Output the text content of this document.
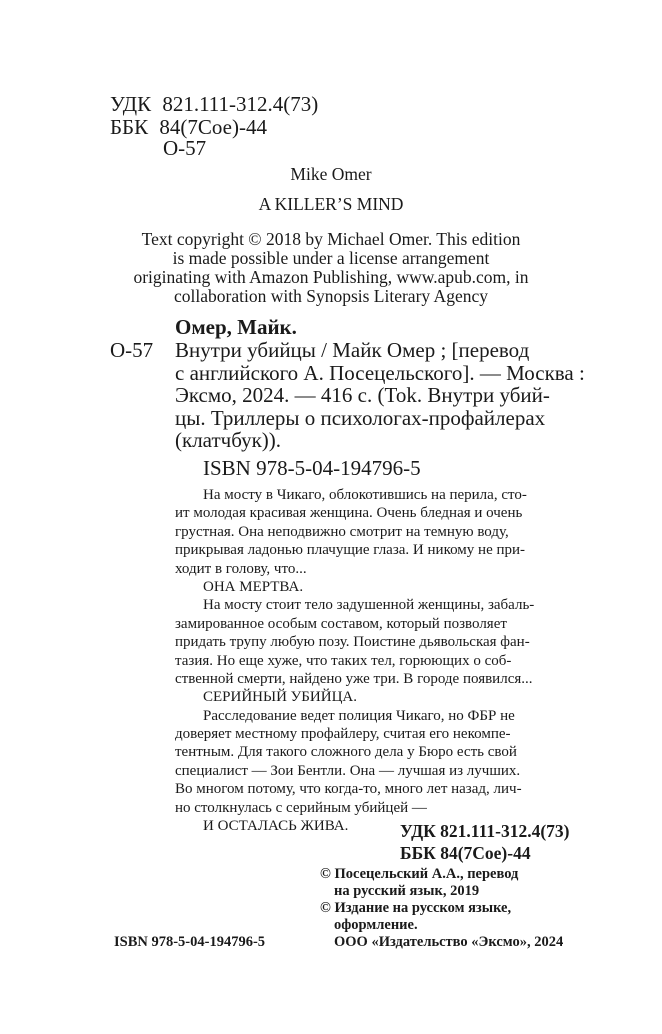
УДК 821.111-312.4(73)
ББК 84(7Сое)-44
О-57
Mike Omer
A KILLER’S MIND
Text copyright © 2018 by Michael Omer. This edition
is made possible under a license arrangement
originating with Amazon Publishing, www.apub.com, in
collaboration with Synopsis Literary Agency
Омер, Майк.
О-57 Внутри убийцы / Майк Омер ; [перевод
с английского А. Посецельского]. — Москва :
Эксмо, 2024. — 416 с. (Tok. Внутри убий-
цы. Триллеры о психологах-профайлерах
(клатчбук)).
ISBN 978-5-04-194796-5
На мосту в Чикаго, облокотившись на перила, сто-
ит молодая красивая женщина. Очень бледная и очень
грустная. Она неподвижно смотрит на темную воду,
прикрывая ладонью плачущие глаза. И никому не при-
ходит в голову, что...
ОНА МЕРТВА.
На мосту стоит тело задушенной женщины, забаль-
замированное особым составом, который позволяет
придать трупу любую позу. Поистине дьявольская фан-
тазия. Но еще хуже, что таких тел, горюющих о соб-
ственной смерти, найдено уже три. В городе появился...
СЕРИЙНЫЙ УБИЙЦА.
Расследование ведет полиция Чикаго, но ФБР не
доверяет местному профайлеру, считая его некомпе-
тентным. Для такого сложного дела у Бюро есть свой
специалист — Зои Бентли. Она — лучшая из лучших.
Во многом потому, что когда-то, много лет назад, лич-
но столкнулась с серийным убийцей —
И ОСТАЛАСЬ ЖИВА.	УДК 821.111-312.4(73)
ББК 84(7Сое)-44
© Посецельский А.А., перевод
на русский язык, 2019
© Издание на русском языке,
оформление.
ООО «Издательство «Эксмо», 2024
ISBN 978-5-04-194796-5
